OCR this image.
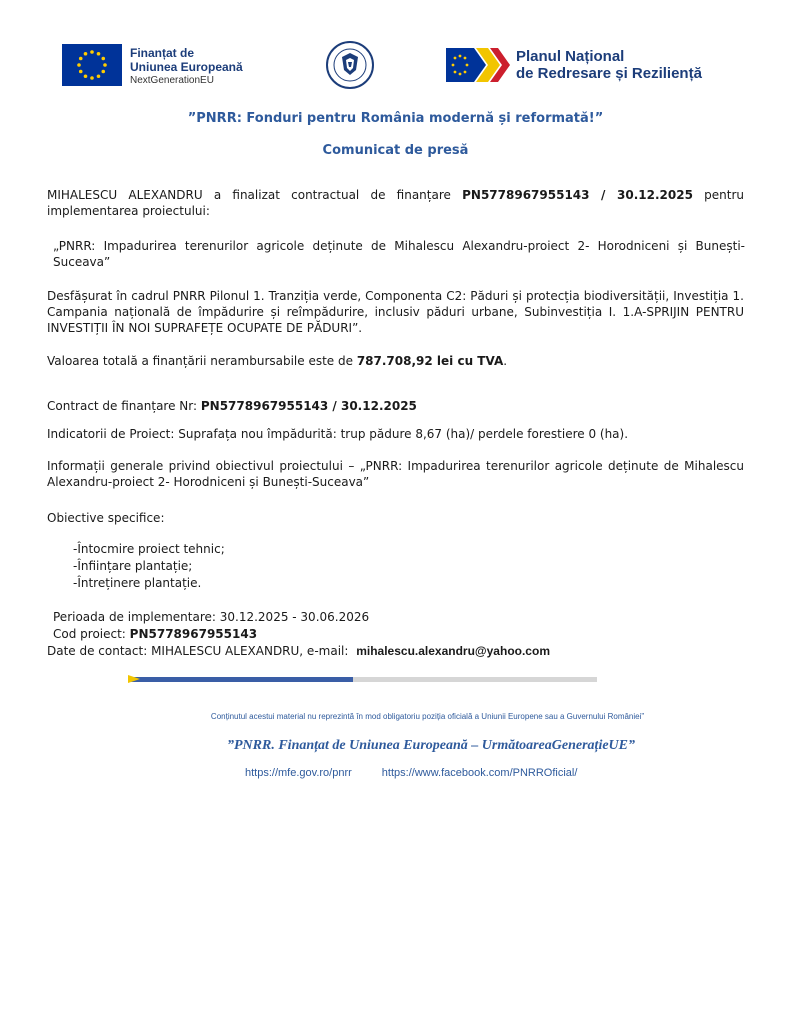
Finanțat de
Uniunea Europeană
NextGenerationEU
Planul Național
de Redresare și Reziliență
”PNRR: Fonduri pentru România modernă și reformată!”
Comunicat de presă
MIHALESCU ALEXANDRU a finalizat contractual de finanțare PN5778967955143 / 30.12.2025 pentru implementarea proiectului:
„PNRR: Impadurirea terenurilor agricole deținute de Mihalescu Alexandru-proiect 2- Horodniceni și Bunești-Suceava”
Desfășurat în cadrul PNRR Pilonul 1. Tranziția verde, Componenta C2: Păduri și protecția biodiversității, Investiția 1. Campania națională de împădurire și reîmpădurire, inclusiv păduri urbane, Subinvestiția I. 1.A-SPRIJIN PENTRU INVESTIȚII ÎN NOI SUPRAFEȚE OCUPATE DE PĂDURI”.
Valoarea totală a finanțării nerambursabile este de 787.708,92 lei cu TVA.
Contract de finanțare Nr: PN5778967955143 / 30.12.2025
Indicatorii de Proiect: Suprafața nou împădurită: trup pădure 8,67 (ha)/ perdele forestiere 0 (ha).
Informații generale privind obiectivul proiectului – „PNRR: Impadurirea terenurilor agricole deținute de Mihalescu Alexandru-proiect 2- Horodniceni și Bunești-Suceava”
Obiective specifice:
-Întocmire proiect tehnic;
-Înființare plantație;
-Întreținere plantație.
Perioada de implementare: 30.12.2025 - 30.06.2026
Cod proiect: PN5778967955143
Date de contact: MIHALESCU ALEXANDRU, e-mail: mihalescu.alexandru@yahoo.com
Conținutul acestui material nu reprezintă în mod obligatoriu poziția oficială a Uniunii Europene sau a Guvernului României”
”PNRR. Finanțat de Uniunea Europeană – UrmătoareaGenerațieUE”
https://mfe.gov.ro/pnrr	https://www.facebook.com/PNRROficial/
